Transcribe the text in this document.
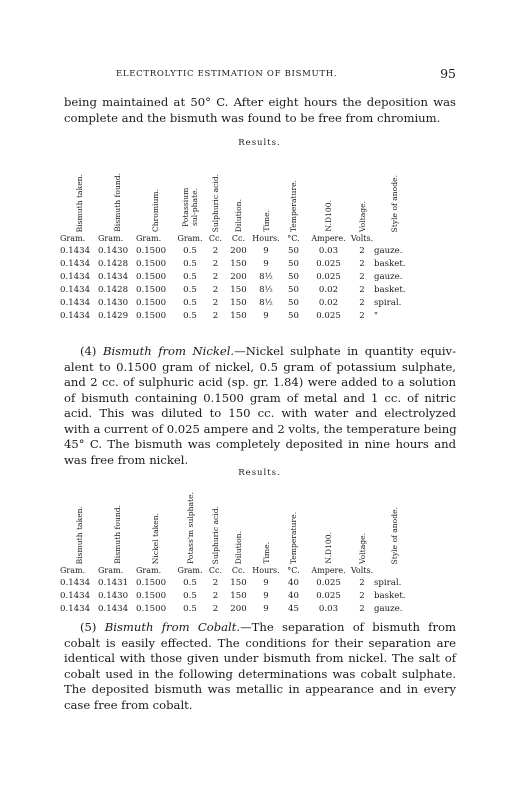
ELECTROLYTIC ESTIMATION OF BISMUTH.	95
being maintained at 50° C. After eight hours the deposition was
complete and the bismuth was found to be free from chromium.
Results.
Bismuth taken.	Bismuth found.	Chromium.	Potassium sul-phate.	Sulphuric acid.	Dilution.	Time.	Temperature.	N.D100.	Voltage.	Style of anode.

Gram.	Gram.	Gram.	Gram.	Cc.	Cc.	Hours.	°C.	Ampere.	Volts.	
0.1434	0.1430	0.1500	0.5	2	200	9	50	0.03	2	gauze.
0.1434	0.1428	0.1500	0.5	2	150	9	50	0.025	2	basket.
0.1434	0.1434	0.1500	0.5	2	200	8½	50	0.025	2	gauze.
0.1434	0.1428	0.1500	0.5	2	150	8½	50	0.02	2	basket.
0.1434	0.1430	0.1500	0.5	2	150	8½	50	0.02	2	spiral.
0.1434	0.1429	0.1500	0.5	2	150	9	50	0.025	2	"
(4) Bismuth from Nickel.—Nickel sulphate in quantity equiv-
alent to 0.1500 gram of nickel, 0.5 gram of potassium sulphate,
and 2 cc. of sulphuric acid (sp. gr. 1.84) were added to a solution
of bismuth containing 0.1500 gram of metal and 1 cc. of nitric
acid. This was diluted to 150 cc. with water and electrolyzed
with a current of 0.025 ampere and 2 volts, the temperature being
45° C. The bismuth was completely deposited in nine hours and
was free from nickel.
Results.
Bismuth taken.	Bismuth found.	Nickel taken.	Potass'm sulphate.	Sulphuric acid.	Dilution.	Time.	Temperature.	N.D100.	Voltage.	Style of anode.

Gram.	Gram.	Gram.	Gram.	Cc.	Cc.	Hours.	°C.	Ampere.	Volts.	
0.1434	0.1431	0.1500	0.5	2	150	9	40	0.025	2	spiral.
0.1434	0.1430	0.1500	0.5	2	150	9	40	0.025	2	basket.
0.1434	0.1434	0.1500	0.5	2	200	9	45	0.03	2	gauze.
(5) Bismuth from Cobalt.—The separation of bismuth from
cobalt is easily effected. The conditions for their separation are
identical with those given under bismuth from nickel. The salt of
cobalt used in the following determinations was cobalt sulphate.
The deposited bismuth was metallic in appearance and in every
case free from cobalt.
